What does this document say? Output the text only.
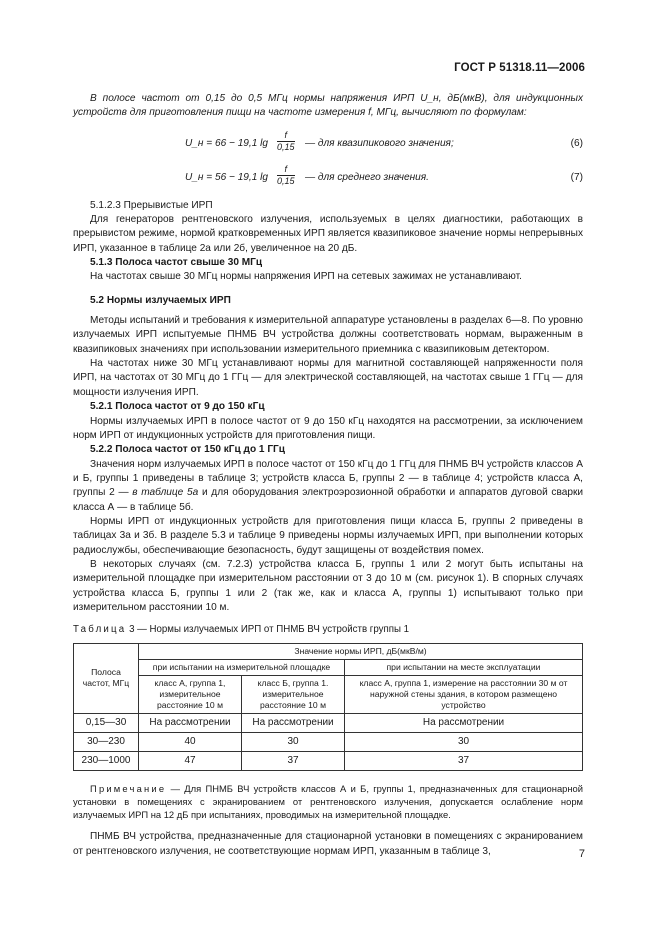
ГОСТ Р 51318.11—2006

В полосе частот от 0,15 до 0,5 МГц нормы напряжения ИРП U_н, дБ(мкВ), для индукционных устройств для приготовления пищи на частоте измерения f, МГц, вычисляют по формулам:

U_н = 66 − 19,1 $\lg \frac{f}{0,15}$ — для квазипикового значения;	(6)
U_н = 56 − 19,1 $\lg \frac{f}{0,15}$ — для среднего значения.	(7)

5.1.2.3 Прерывистые ИРП

Для генераторов рентгеновского излучения, используемых в целях диагностики, работающих в прерывистом режиме, нормой кратковременных ИРП является квазипиковое значение нормы непрерывных ИРП, указанное в таблице 2а или 2б, увеличенное на 20 дБ.

5.1.3 Полоса частот свыше 30 МГц

На частотах свыше 30 МГц нормы напряжения ИРП на сетевых зажимах не устанавливают.

5.2 Нормы излучаемых ИРП

Методы испытаний и требования к измерительной аппаратуре установлены в разделах 6—8. По уровню излучаемых ИРП испытуемые ПНМБ ВЧ устройства должны соответствовать нормам, выраженным в квазипиковых значениях при использовании измерительного приемника с квазипиковым детектором.

На частотах ниже 30 МГц устанавливают нормы для магнитной составляющей напряженности поля ИРП, на частотах от 30 МГц до 1 ГГц — для электрической составляющей, на частотах свыше 1 ГГц — для мощности излучения ИРП.

5.2.1 Полоса частот от 9 до 150 кГц

Нормы излучаемых ИРП в полосе частот от 9 до 150 кГц находятся на рассмотрении, за исключением норм ИРП от индукционных устройств для приготовления пищи.

5.2.2 Полоса частот от 150 кГц до 1 ГГц

Значения норм излучаемых ИРП в полосе частот от 150 кГц до 1 ГГц для ПНМБ ВЧ устройств классов А и Б, группы 1 приведены в таблице 3; устройств класса Б, группы 2 — в таблице 4; устройств класса А, группы 2 — в таблице 5а и для оборудования электроэрозионной обработки и аппаратов дуговой сварки класса А — в таблице 5б.

Нормы ИРП от индукционных устройств для приготовления пищи класса Б, группы 2 приведены в таблицах 3а и 3б. В разделе 5.3 и таблице 9 приведены нормы излучаемых ИРП, при выполнении которых радиослужбы, обеспечивающие безопасность, будут защищены от воздействия помех.

В некоторых случаях (см. 7.2.3) устройства класса Б, группы 1 или 2 могут быть испытаны на измерительной площадке при измерительном расстоянии от 3 до 10 м (см. рисунок 1). В спорных случаях устройства класса Б, группы 1 или 2 (так же, как и класса А, группы 1) испытывают только при измерительном расстоянии 10 м.

Таблица 3 — Нормы излучаемых ИРП от ПНМБ ВЧ устройств группы 1
Полоса частот, МГц	Значение нормы ИРП, дБ(мкВ/м)		
	при испытании на измерительной площадке		при испытании на месте эксплуатации
	класс А, группа 1, измерительное расстояние 10 м	класс Б, группа 1. измерительное расстояние 10 м	класс А, группа 1, измерение на расстоянии 30 м от наружной стены здания, в котором размещено устройство
0,15—30	На рассмотрении	На рассмотрении	На рассмотрении
30—230	40	30	30
230—1000	47	37	37

Примечание — Для ПНМБ ВЧ устройств классов А и Б, группы 1, предназначенных для стационарной установки в помещениях с экранированием от рентгеновского излучения, допускается ослабление норм излучаемых ИРП на 12 дБ при испытаниях, проводимых на измерительной площадке.

ПНМБ ВЧ устройства, предназначенные для стационарной установки в помещениях с экранированием от рентгеновского излучения, не соответствующие нормам ИРП, указанным в таблице 3,	7
